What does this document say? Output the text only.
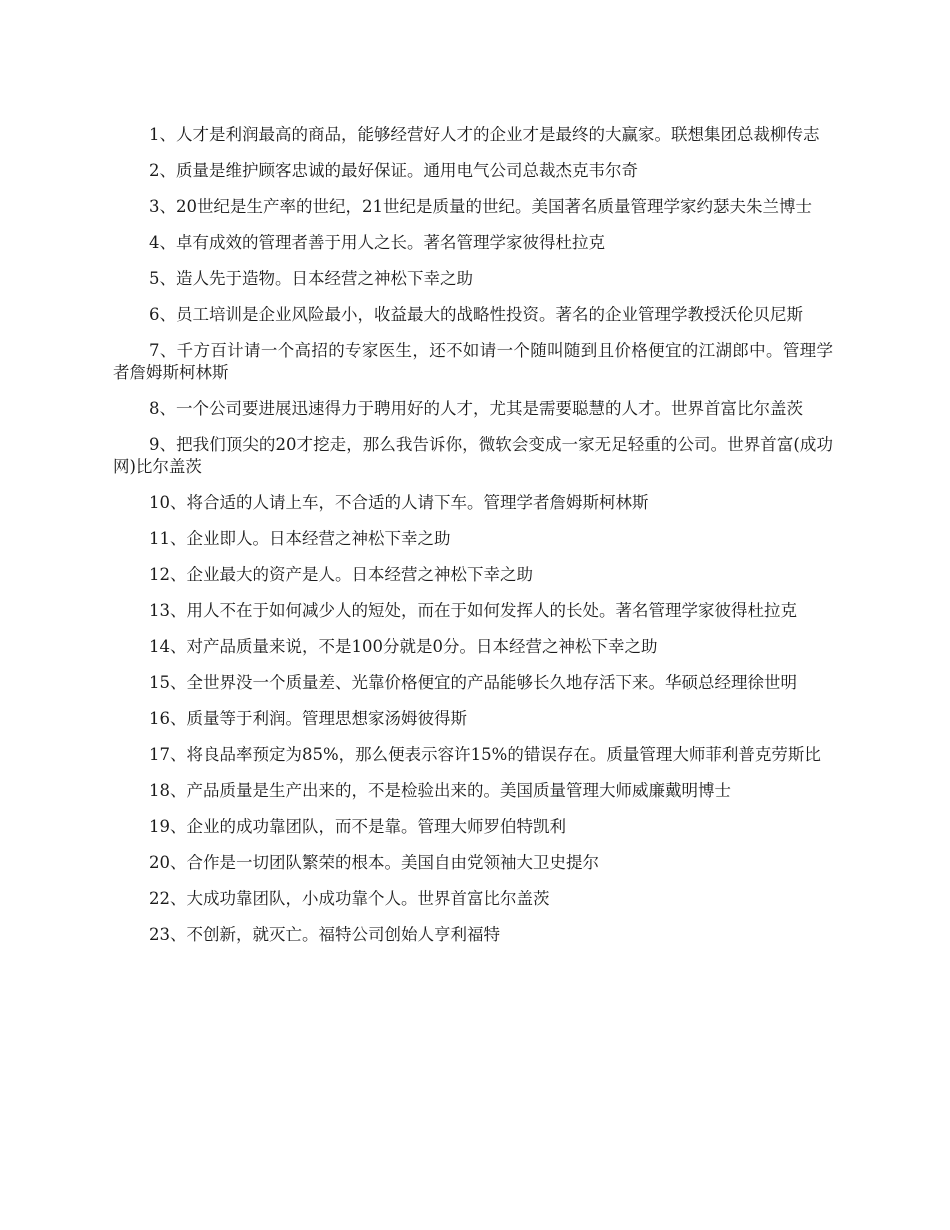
1、人才是利润最高的商品，能够经营好人才的企业才是最终的大赢家。联想集团总裁柳传志

2、质量是维护顾客忠诚的最好保证。通用电气公司总裁杰克韦尔奇

3、20世纪是生产率的世纪，21世纪是质量的世纪。美国著名质量管理学家约瑟夫朱兰博士

4、卓有成效的管理者善于用人之长。著名管理学家彼得杜拉克

5、造人先于造物。日本经营之神松下幸之助

6、员工培训是企业风险最小，收益最大的战略性投资。著名的企业管理学教授沃伦贝尼斯

7、千方百计请一个高招的专家医生，还不如请一个随叫随到且价格便宜的江湖郎中。管理学者詹姆斯柯林斯

8、一个公司要进展迅速得力于聘用好的人才，尤其是需要聪慧的人才。世界首富比尔盖茨

9、把我们顶尖的20才挖走，那么我告诉你，微软会变成一家无足轻重的公司。世界首富(成功网)比尔盖茨

10、将合适的人请上车，不合适的人请下车。管理学者詹姆斯柯林斯

11、企业即人。日本经营之神松下幸之助

12、企业最大的资产是人。日本经营之神松下幸之助

13、用人不在于如何减少人的短处，而在于如何发挥人的长处。著名管理学家彼得杜拉克

14、对产品质量来说，不是100分就是0分。日本经营之神松下幸之助

15、全世界没一个质量差、光靠价格便宜的产品能够长久地存活下来。华硕总经理徐世明

16、质量等于利润。管理思想家汤姆彼得斯

17、将良品率预定为85%，那么便表示容许15%的错误存在。质量管理大师菲利普克劳斯比

18、产品质量是生产出来的，不是检验出来的。美国质量管理大师威廉戴明博士

19、企业的成功靠团队，而不是靠。管理大师罗伯特凯利

20、合作是一切团队繁荣的根本。美国自由党领袖大卫史提尔

22、大成功靠团队，小成功靠个人。世界首富比尔盖茨

23、不创新，就灭亡。福特公司创始人亨利福特
